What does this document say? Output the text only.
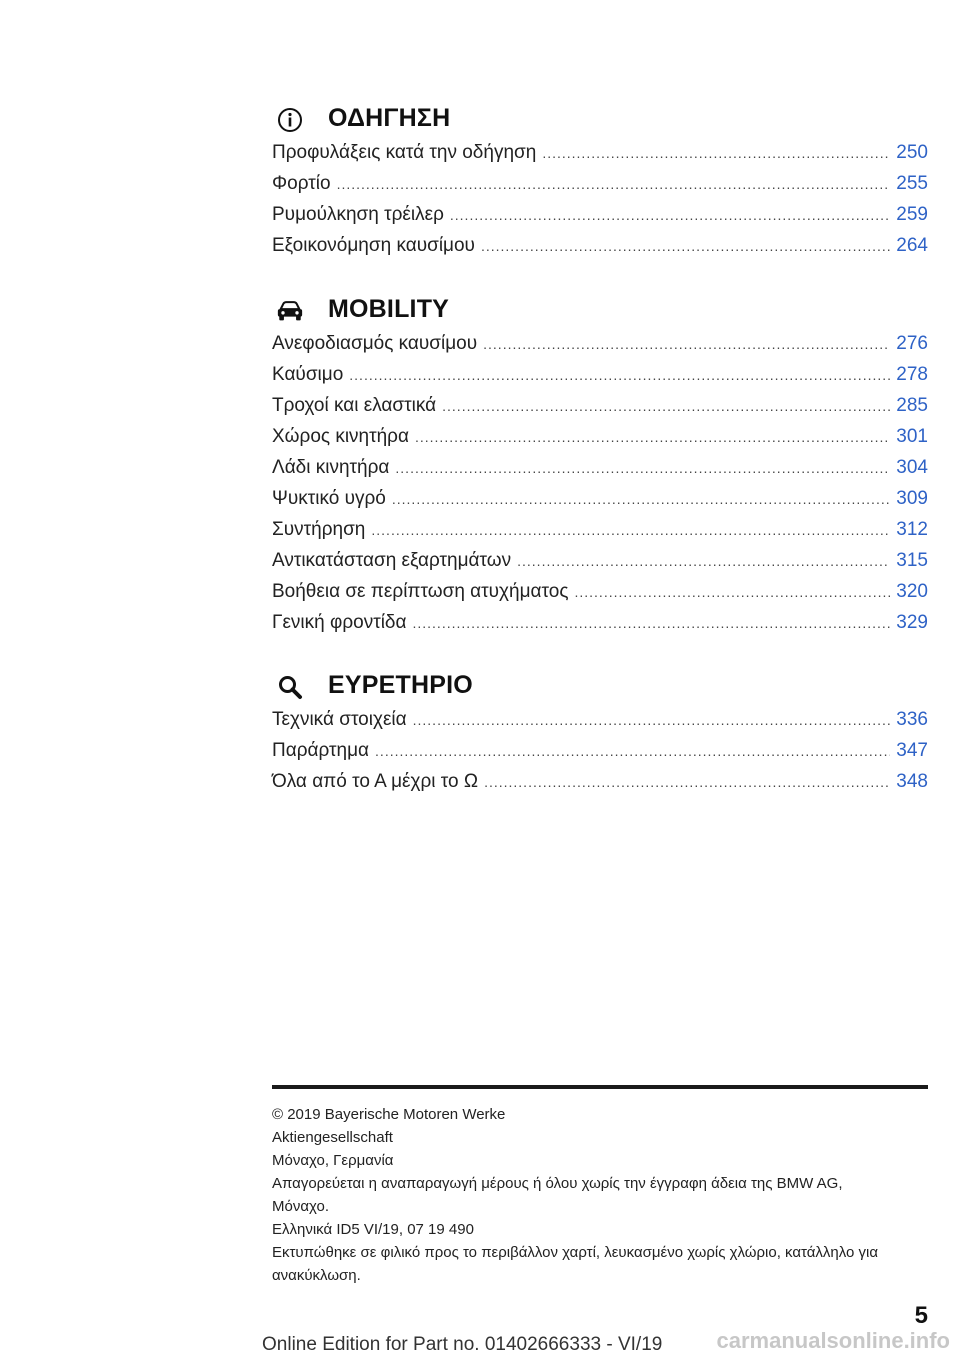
ΟΔΗΓΗΣΗ
Προφυλάξεις κατά την οδήγηση .....	250
Φορτίο .....	255
Ρυμούλκηση τρέιλερ .....	259
Εξοικονόμηση καυσίμου .....	264
MOBILITY
Ανεφοδιασμός καυσίμου .....	276
Καύσιμο .....	278
Τροχοί και ελαστικά .....	285
Χώρος κινητήρα .....	301
Λάδι κινητήρα .....	304
Ψυκτικό υγρό .....	309
Συντήρηση .....	312
Αντικατάσταση εξαρτημάτων .....	315
Βοήθεια σε περίπτωση ατυχήματος .....	320
Γενική φροντίδα .....	329
ΕΥΡΕΤΗΡΙΟ
Τεχνικά στοιχεία .....	336
Παράρτημα .....	347
Όλα από το Α μέχρι το Ω .....	348

© 2019 Bayerische Motoren Werke

Aktiengesellschaft

Μόναχο, Γερμανία

Απαγορεύεται η αναπαραγωγή μέρους ή όλου χωρίς την έγγραφη άδεια της BMW AG,

Μόναχο.

Ελληνικά ID5 VI/19, 07 19 490

Εκτυπώθηκε σε φιλικό προς το περιβάλλον χαρτί, λευκασμένο χωρίς χλώριο, κατάλληλο για

ανακύκλωση.

5
Online Edition for Part no. 01402666333 - VI/19	carmanualsonline.info
